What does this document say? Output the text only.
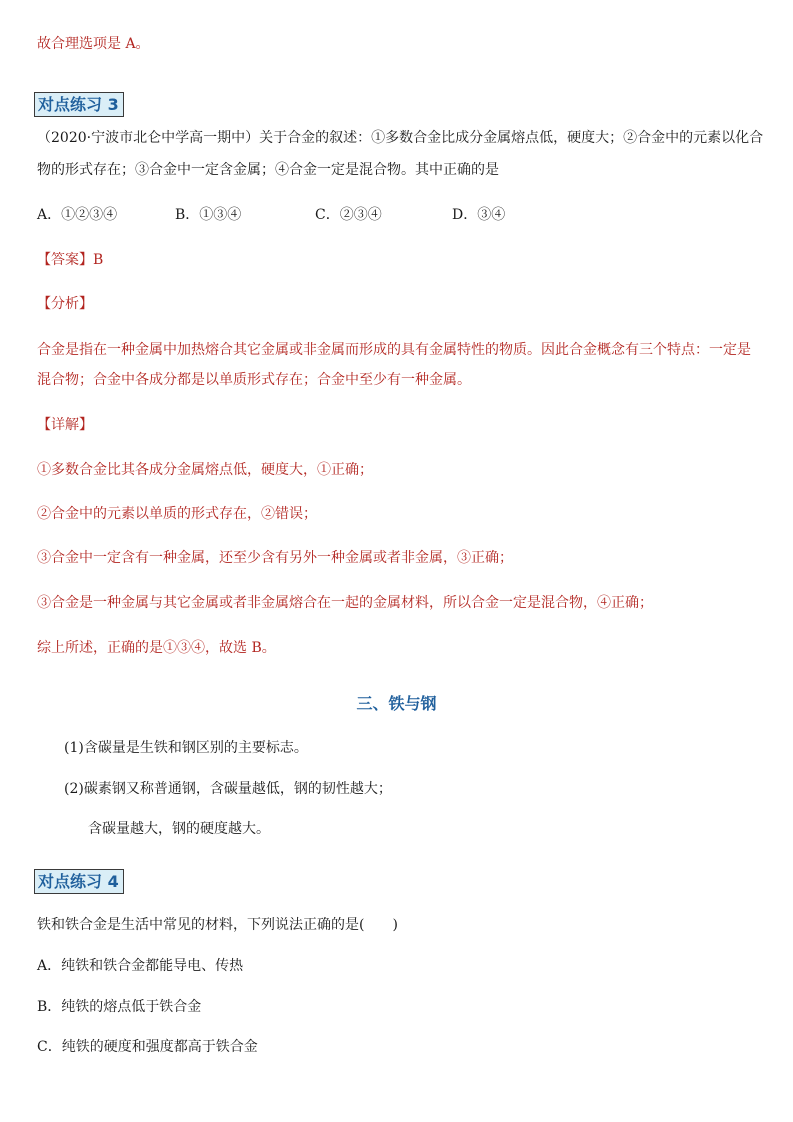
故合理选项是 A。
对点练习 3
（2020·宁波市北仑中学高一期中）关于合金的叙述：①多数合金比成分金属熔点低，硬度大；②合金中的元素以化合
物的形式存在；③合金中一定含金属；④合金一定是混合物。其中正确的是
A．①②③④	B．①③④	C．②③④	D．③④
【答案】B
【分析】
合金是指在一种金属中加热熔合其它金属或非金属而形成的具有金属特性的物质。因此合金概念有三个特点：一定是
混合物；合金中各成分都是以单质形式存在；合金中至少有一种金属。
【详解】
①多数合金比其各成分金属熔点低，硬度大，①正确；
②合金中的元素以单质的形式存在，②错误；
③合金中一定含有一种金属，还至少含有另外一种金属或者非金属，③正确；
③合金是一种金属与其它金属或者非金属熔合在一起的金属材料，所以合金一定是混合物，④正确；
综上所述，正确的是①③④，故选 B。
三、铁与钢
(1)含碳量是生铁和钢区别的主要标志。
(2)碳素钢又称普通钢，含碳量越低，钢的韧性越大；
含碳量越大，钢的硬度越大。
对点练习 4
铁和铁合金是生活中常见的材料，下列说法正确的是(　　)
A．纯铁和铁合金都能导电、传热
B．纯铁的熔点低于铁合金
C．纯铁的硬度和强度都高于铁合金
